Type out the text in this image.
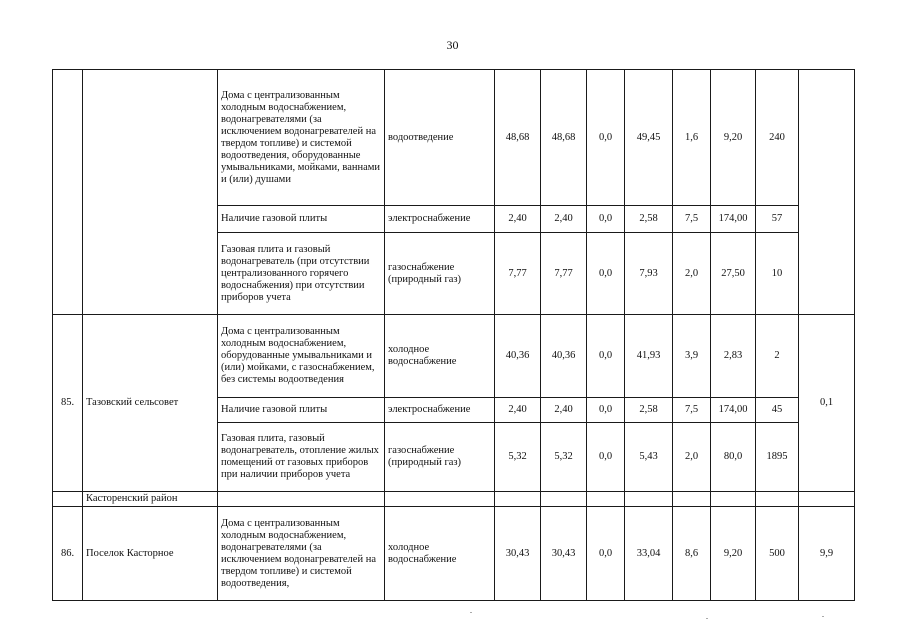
30
		Дома с централизованным холодным водоснабжением, водонагревателями (за исключением водонагревателей на твердом топливе) и системой водоотведения, оборудованные умывальниками, мойками, ваннами и (или) душами	водоотведение	48,68	48,68	0,0	49,45	1,6	9,20	240	
		Наличие газовой плиты	электроснабжение	2,40	2,40	0,0	2,58	7,5	174,00	57	
		Газовая плита и газовый водонагреватель (при отсутствии централизованного горячего водоснабжения) при отсутствии приборов учета	газоснабжение (природный газ)	7,77	7,77	0,0	7,93	2,0	27,50	10	
85.	Тазовский сельсовет	Дома с централизованным холодным водоснабжением, оборудованные умывальниками и (или) мойками, с газоснабжением, без системы водоотведения	холодное водоснабжение	40,36	40,36	0,0	41,93	3,9	2,83	2	0,1
		Наличие газовой плиты	электроснабжение	2,40	2,40	0,0	2,58	7,5	174,00	45	
		Газовая плита, газовый водонагреватель, отопление жилых помещений от газовых приборов при наличии приборов учета	газоснабжение (природный газ)	5,32	5,32	0,0	5,43	2,0	80,0	1895	
	Касторенский район										
86.	Поселок Касторное	Дома с централизованным холодным водоснабжением, водонагревателями (за исключением водонагревателей на твердом топливе) и системой водоотведения,	холодное водоснабжение	30,43	30,43	0,0	33,04	8,6	9,20	500	9,9
